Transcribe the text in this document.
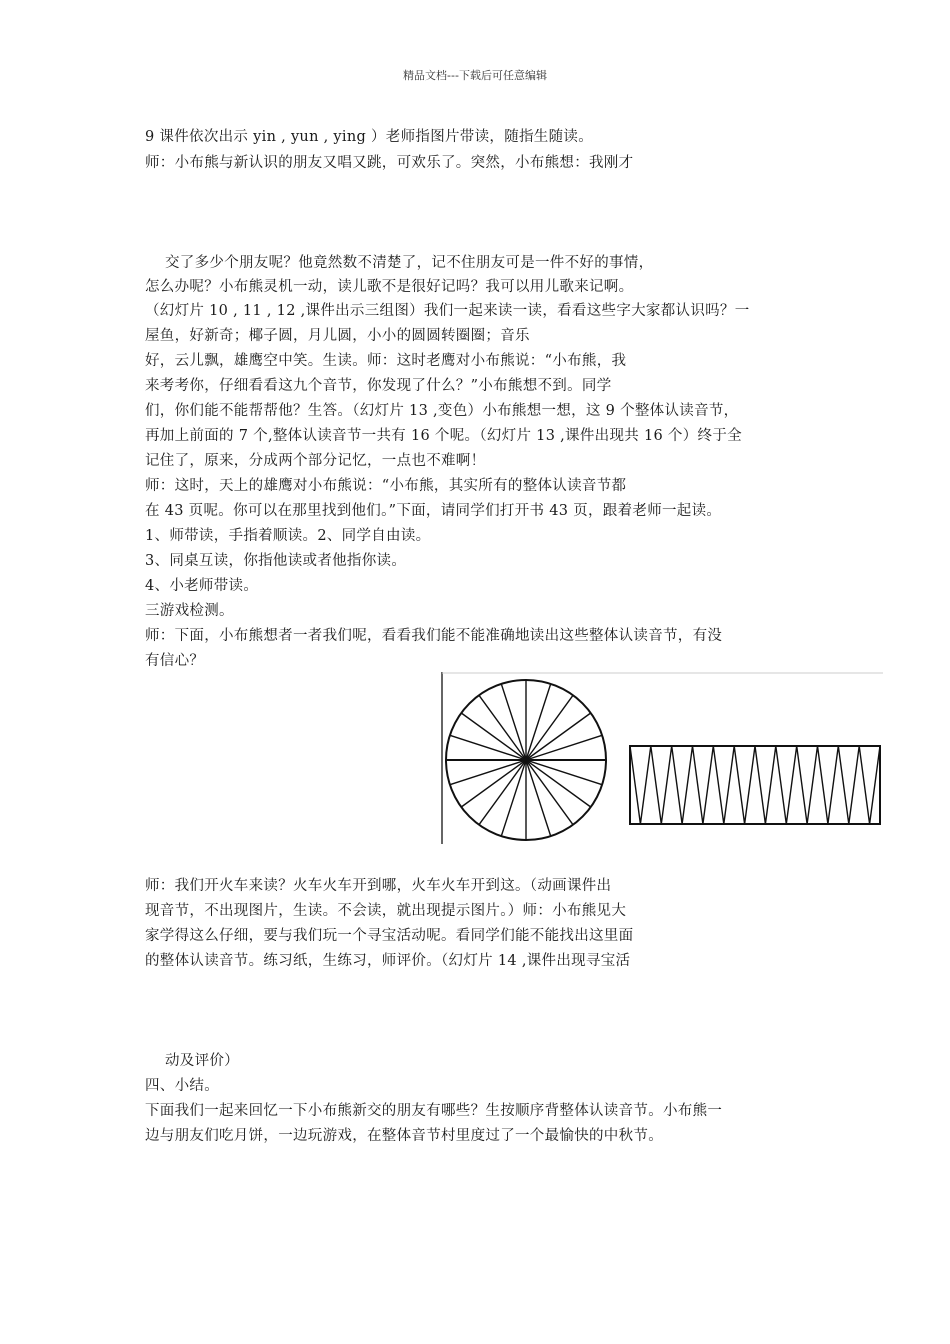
精品文档---下载后可任意编辑
9 课件依次出示 yin , yun , ying ）老师指图片带读，随指生随读。
师：小布熊与新认识的朋友又唱又跳，可欢乐了。突然，小布熊想：我刚才
交了多少个朋友呢？他竟然数不清楚了，记不住朋友可是一件不好的事情，
怎么办呢？小布熊灵机一动，读儿歌不是很好记吗？我可以用儿歌来记啊。
（幻灯片 10 , 11 , 12 ,课件出示三组图）我们一起来读一读，看看这些字大家都认识吗？一
屋鱼，好新奇；椰子圆，月儿圆，小小的圆圆转圈圈；音乐
好，云儿飘，雄鹰空中笑。生读。师：这时老鹰对小布熊说：“小布熊，我
来考考你，仔细看看这九个音节，你发现了什么？”小布熊想不到。同学
们，你们能不能帮帮他？生答。（幻灯片 13 ,变色）小布熊想一想，这 9 个整体认读音节，
再加上前面的 7 个,整体认读音节一共有 16 个呢。（幻灯片 13 ,课件出现共 16 个）终于全
记住了，原来，分成两个部分记忆，一点也不难啊！
师：这时，天上的雄鹰对小布熊说：“小布熊，其实所有的整体认读音节都
在 43 页呢。你可以在那里找到他们。”下面，请同学们打开书 43 页，跟着老师一起读。
1、师带读，手指着顺读。2、同学自由读。
3、同桌互读，你指他读或者他指你读。
4、小老师带读。
三游戏检测。
师：下面，小布熊想者一者我们呢，看看我们能不能准确地读出这些整体认读音节，有没
有信心？
师：我们开火车来读？火车火车开到哪，火车火车开到这。（动画课件出
现音节，不出现图片，生读。不会读，就出现提示图片。）师：小布熊见大
家学得这么仔细，要与我们玩一个寻宝活动呢。看同学们能不能找出这里面
的整体认读音节。练习纸，生练习，师评价。（幻灯片 14 ,课件出现寻宝活
动及评价）
四、小结。
下面我们一起来回忆一下小布熊新交的朋友有哪些？生按顺序背整体认读音节。小布熊一
边与朋友们吃月饼，一边玩游戏，在整体音节村里度过了一个最愉快的中秋节。
